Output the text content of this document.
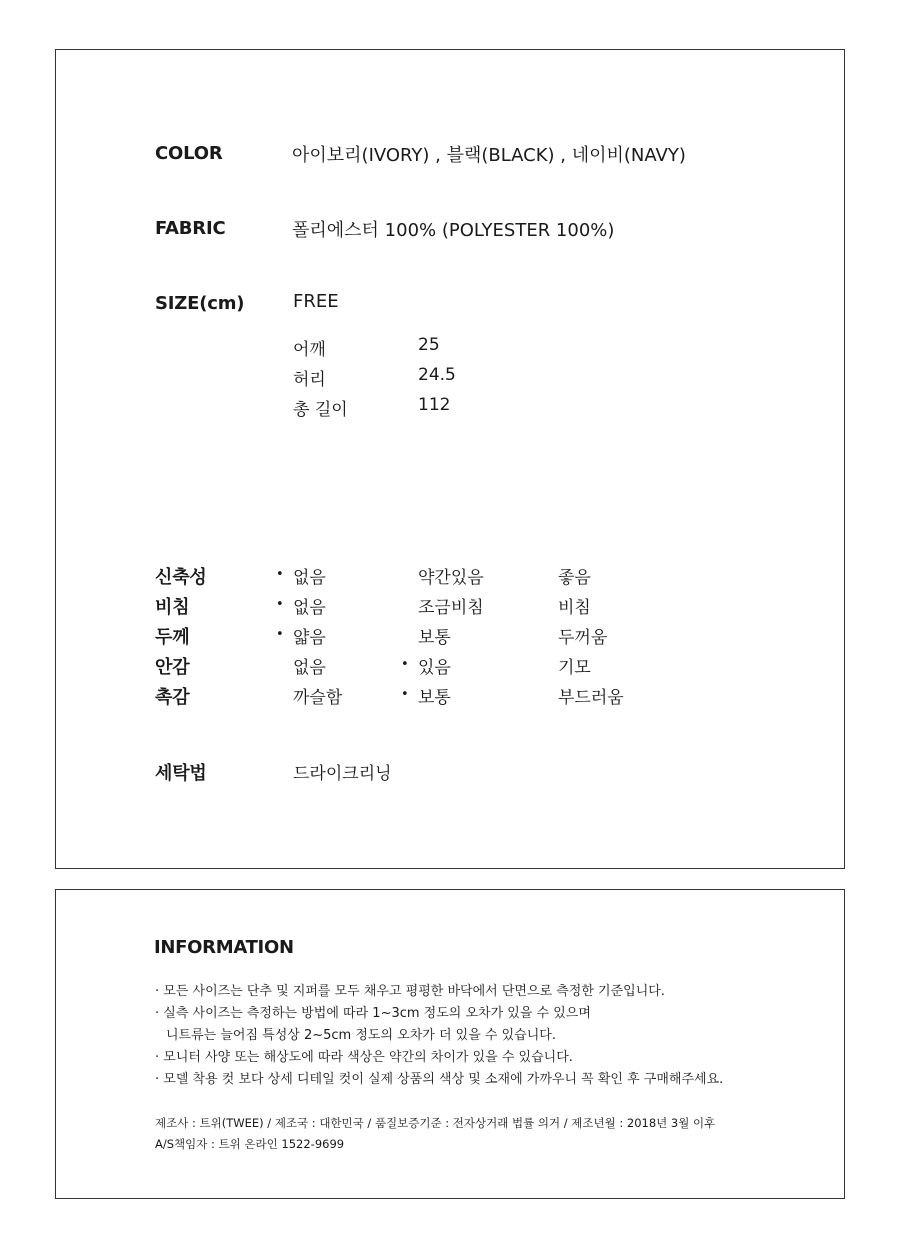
COLOR	아이보리(IVORY) , 블랙(BLACK) , 네이비(NAVY)
FABRIC	폴리에스터 100% (POLYESTER 100%)
SIZE(cm)	FREE
어깨	25
허리	24.5
총 길이	112
신축성	• 없음	약간있음	좋음
비침	• 없음	조금비침	비침
두께	• 얇음	보통	두꺼움
안감	없음	• 있음	기모
촉감	까슬함	• 보통	부드러움
세탁법	드라이크리닝
INFORMATION
· 모든 사이즈는 단추 및 지퍼를 모두 채우고 평평한 바닥에서 단면으로 측정한 기준입니다.
· 실측 사이즈는 측정하는 방법에 따라 1~3cm 정도의 오차가 있을 수 있으며
니트류는 늘어짐 특성상 2~5cm 정도의 오차가 더 있을 수 있습니다.
· 모니터 사양 또는 해상도에 따라 색상은 약간의 차이가 있을 수 있습니다.
· 모델 착용 컷 보다 상세 디테일 컷이 실제 상품의 색상 및 소재에 가까우니 꼭 확인 후 구매해주세요.
제조사 : 트위(TWEE) / 제조국 : 대한민국 / 품질보증기준 : 전자상거래 법률 의거 / 제조년월 : 2018년 3월 이후
A/S책임자 : 트위 온라인 1522-9699
